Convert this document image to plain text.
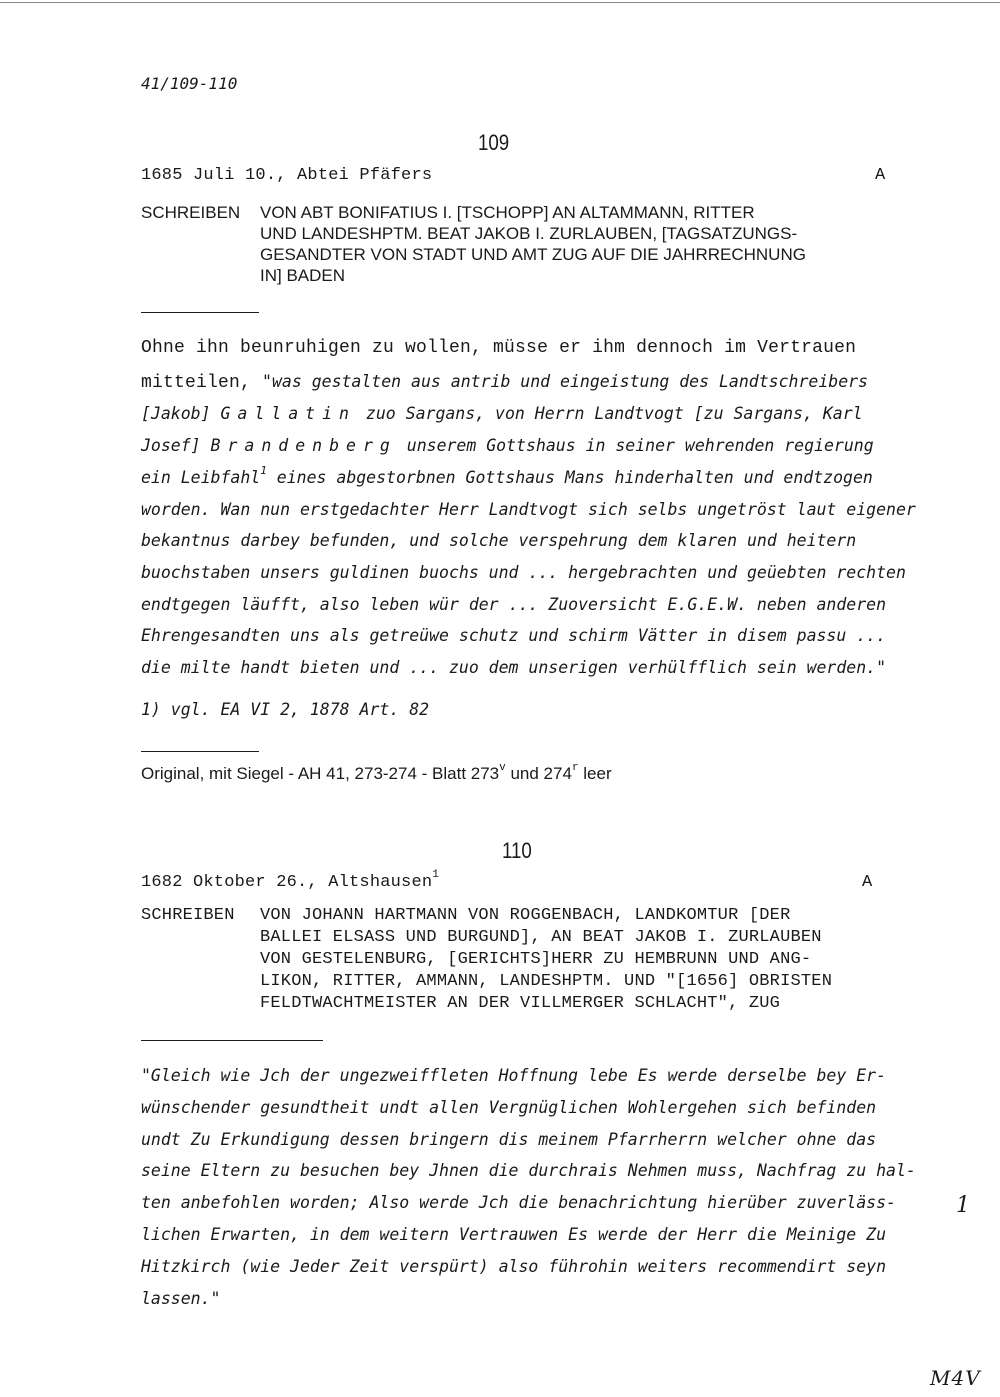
41/109-110
109
1685 Juli 10., Abtei Pfäfers	A
SCHREIBEN VON ABT BONIFATIUS I. [TSCHOPP] AN ALTAMMANN, RITTER
UND LANDESHPTM. BEAT JAKOB I. ZURLAUBEN, [TAGSATZUNGS-
GESANDTER VON STADT UND AMT ZUG AUF DIE JAHRRECHNUNG
IN] BADEN
Ohne ihn beunruhigen zu wollen, müsse er ihm dennoch im Vertrauen
mitteilen, "was gestalten aus antrib und eingeistung des Landtschreibers
[Jakob] Gallatin zuo Sargans, von Herrn Landtvogt [zu Sargans, Karl
Josef] Brandenberg unserem Gottshaus in seiner wehrenden regierung
ein Leibfahl$^1$ eines abgestorbnen Gottshaus Mans hinderhalten und endtzogen
worden. Wan nun erstgedachter Herr Landtvogt sich selbs ungetröst laut eigener
bekantnus darbey befunden, und solche verspehrung dem klaren und heitern
buochstaben unsers guldinen buochs und ... hergebrachten und geüebten rechten
endtgegen läufft, also leben wür der ... Zuoversicht E.G.E.W. neben anderen
Ehrengesandten uns als getreüwe schutz und schirm Vätter in disem passu ...
die milte handt bieten und ... zuo dem unserigen verhülfflich sein werden."
1) vgl. EA VI 2, 1878 Art. 82
Original, mit Siegel - AH 41, 273-274 - Blatt 273$^v$ und 274$^r$ leer
110
1682 Oktober 26., Altshausen$^1$	A
SCHREIBEN VON JOHANN HARTMANN VON ROGGENBACH, LANDKOMTUR [DER
BALLEI ELSASS UND BURGUND], AN BEAT JAKOB I. ZURLAUBEN
VON GESTELENBURG, [GERICHTS]HERR ZU HEMBRUNN UND ANG-
LIKON, RITTER, AMMANN, LANDESHPTM. UND "[1656] OBRISTEN
FELDTWACHTMEISTER AN DER VILLMERGER SCHLACHT", ZUG
"Gleich wie Jch der ungezweiffleten Hoffnung lebe Es werde derselbe bey Er-
wünschender gesundtheit undt allen Vergnüglichen Wohlergehen sich befinden
undt Zu Erkundigung dessen bringern dis meinem Pfarrherrn welcher ohne das
seine Eltern zu besuchen bey Jhnen die durchrais Nehmen muss, Nachfrag zu hal-
ten anbefohlen worden; Also werde Jch die benachrichtung hierüber zuverläss-
lichen Erwarten, in dem weitern Vertrauwen Es werde der Herr die Meinige Zu
Hitzkirch (wie Jeder Zeit verspürt) also führohin weiters recommendirt seyn
lassen."
1
M4V
